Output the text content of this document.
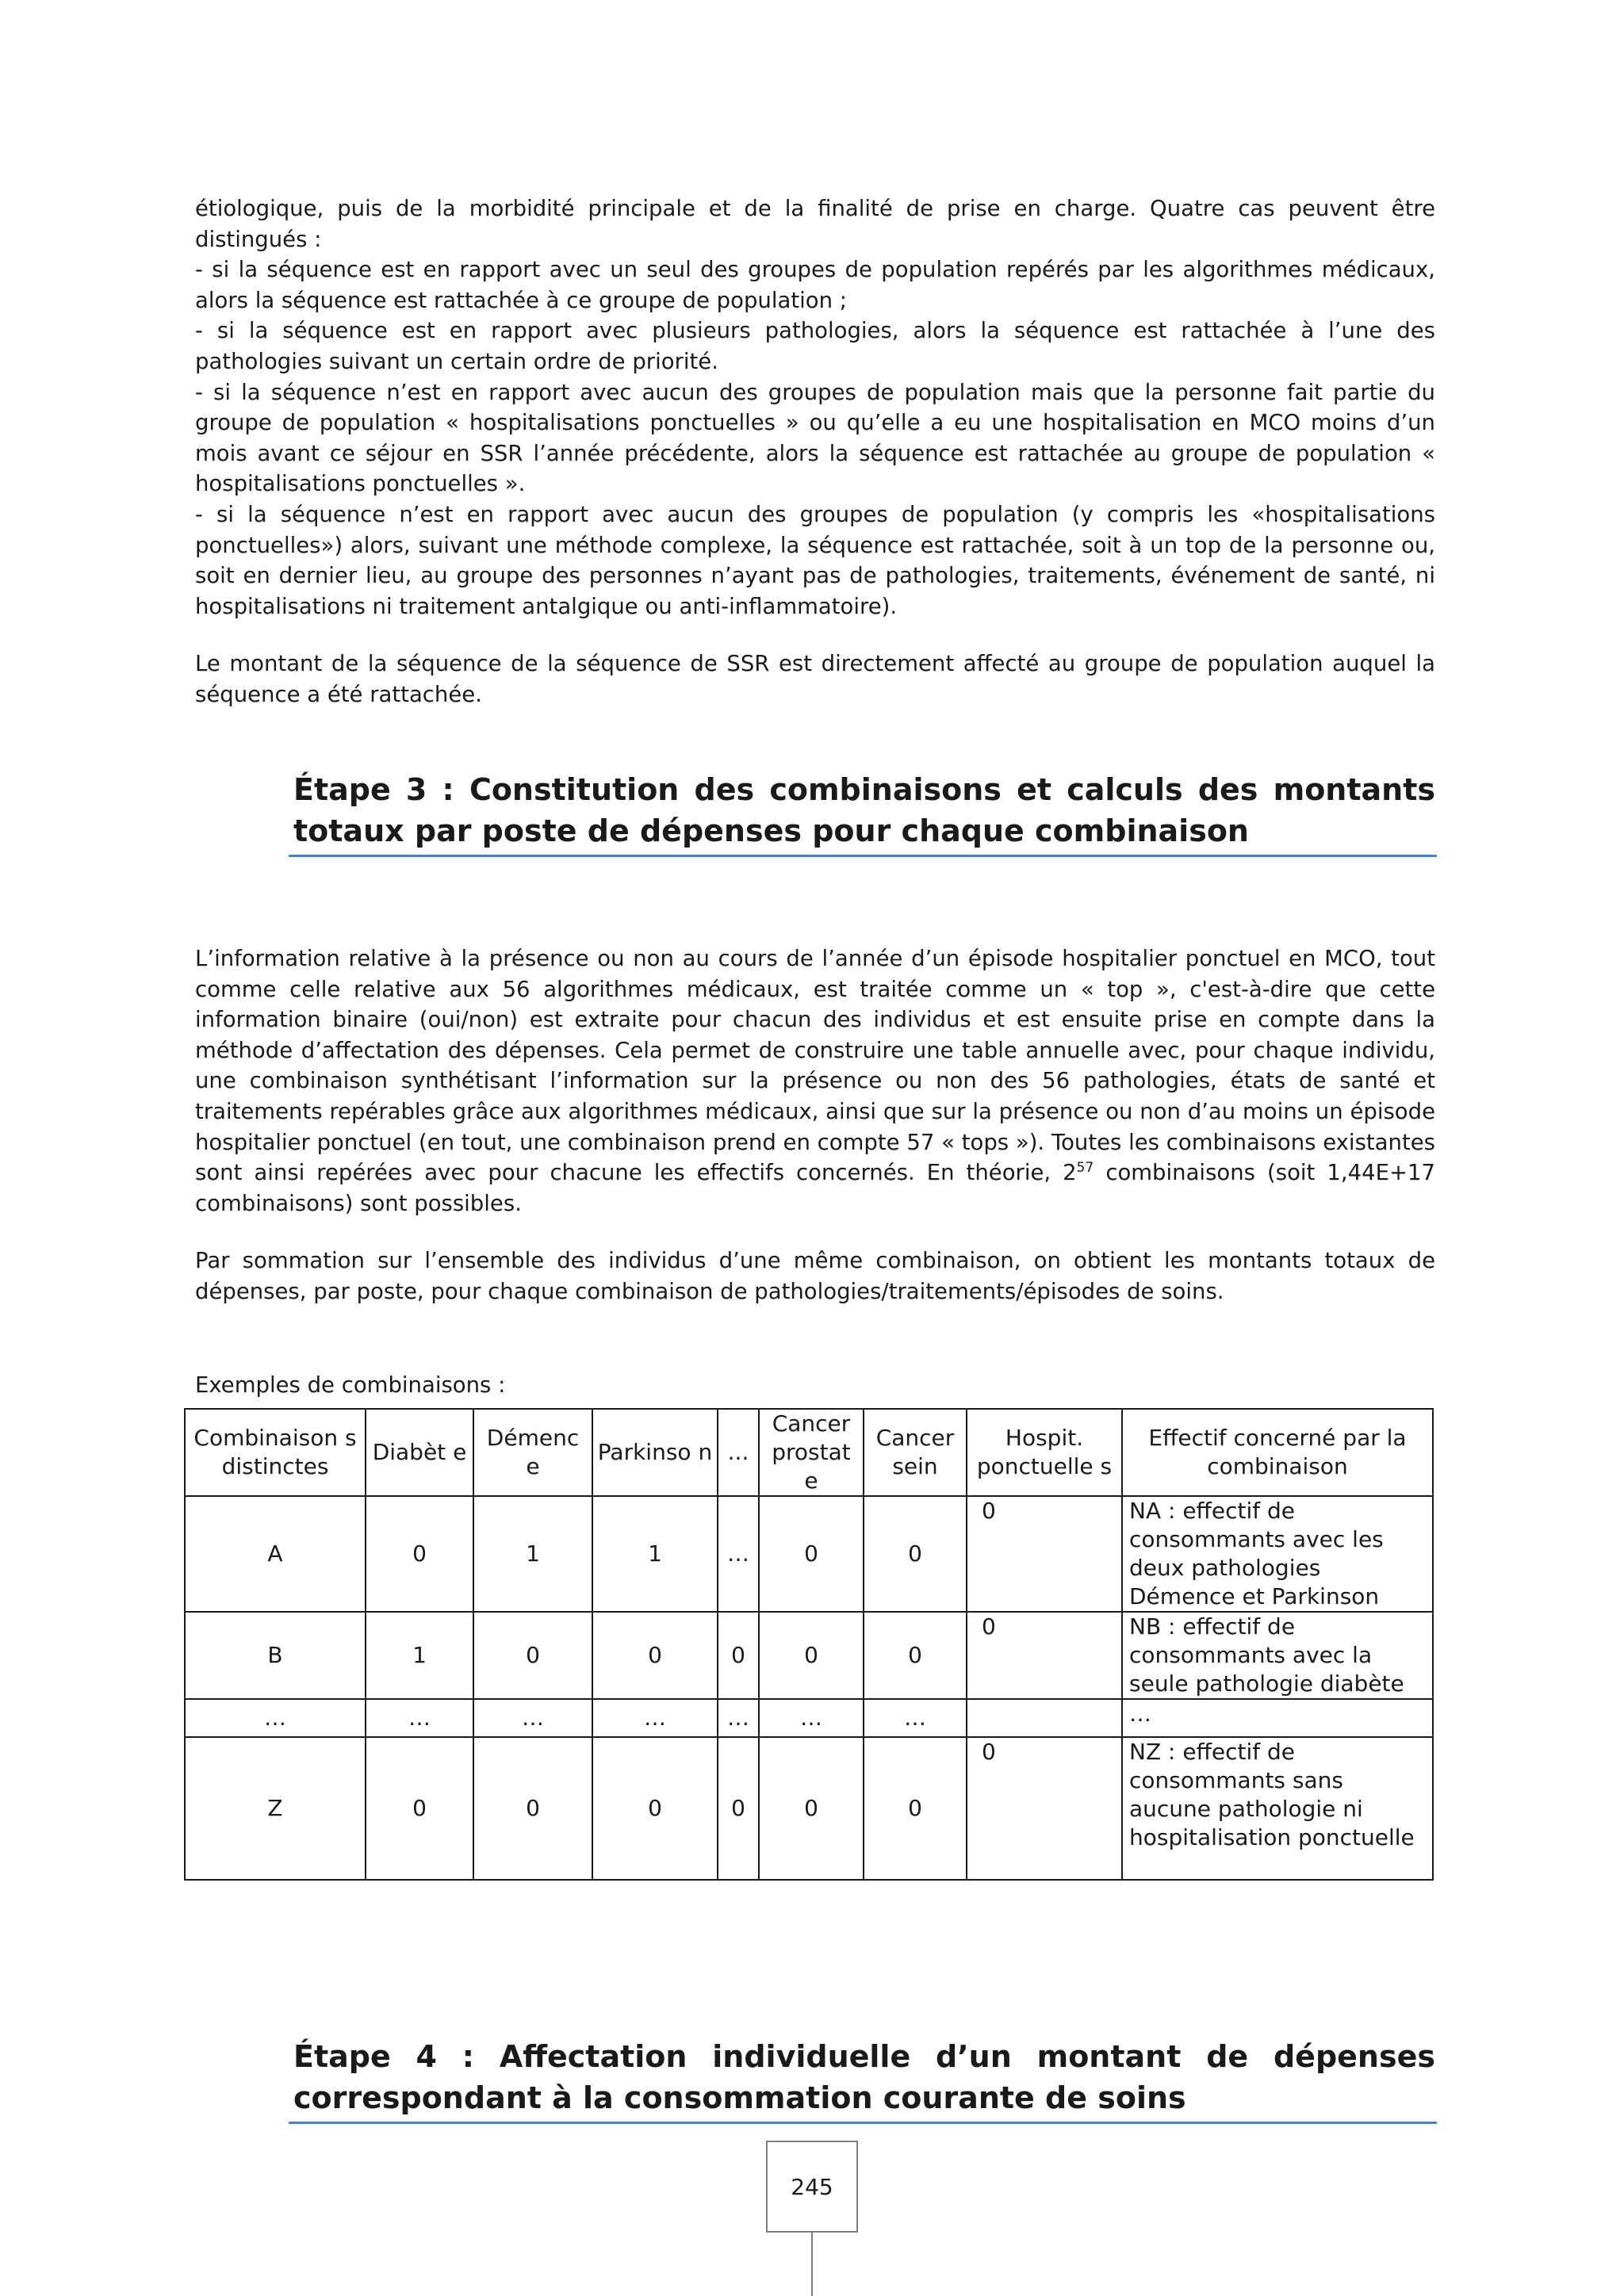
étiologique, puis de la morbidité principale et de la finalité de prise en charge. Quatre cas peuvent être distingués :

- si la séquence est en rapport avec un seul des groupes de population repérés par les algorithmes médicaux, alors la séquence est rattachée à ce groupe de population ;

- si la séquence est en rapport avec plusieurs pathologies, alors la séquence est rattachée à l’une des pathologies suivant un certain ordre de priorité.

- si la séquence n’est en rapport avec aucun des groupes de population mais que la personne fait partie du groupe de population « hospitalisations ponctuelles » ou qu’elle a eu une hospitalisation en MCO moins d’un mois avant ce séjour en SSR l’année précédente, alors la séquence est rattachée au groupe de population « hospitalisations ponctuelles ».

- si la séquence n’est en rapport avec aucun des groupes de population (y compris les «hospitalisations ponctuelles») alors, suivant une méthode complexe, la séquence est rattachée, soit à un top de la personne ou, soit en dernier lieu, au groupe des personnes n’ayant pas de pathologies, traitements, événement de santé, ni hospitalisations ni traitement antalgique ou anti-inflammatoire).

Le montant de la séquence de la séquence de SSR est directement affecté au groupe de population auquel la séquence a été rattachée.

Étape 3 : Constitution des combinaisons et calculs des montants totaux par poste de dépenses pour chaque combinaison

L’information relative à la présence ou non au cours de l’année d’un épisode hospitalier ponctuel en MCO, tout comme celle relative aux 56 algorithmes médicaux, est traitée comme un « top », c'est-à-dire que cette information binaire (oui/non) est extraite pour chacun des individus et est ensuite prise en compte dans la méthode d’affectation des dépenses. Cela permet de construire une table annuelle avec, pour chaque individu, une combinaison synthétisant l’information sur la présence ou non des 56 pathologies, états de santé et traitements repérables grâce aux algorithmes médicaux, ainsi que sur la présence ou non d’au moins un épisode hospitalier ponctuel (en tout, une combinaison prend en compte 57 « tops »). Toutes les combinaisons existantes sont ainsi repérées avec pour chacune les effectifs concernés. En théorie, $2^{57}$ combinaisons (soit 1,44E+17 combinaisons) sont possibles.

Par sommation sur l’ensemble des individus d’une même combinaison, on obtient les montants totaux de dépenses, par poste, pour chaque combinaison de pathologies/traitements/épisodes de soins.

Exemples de combinaisons :
Combinaison s distinctes	Diabèt e	Démenc e	Parkinso n	...	Cancer prostat e	Cancer sein	Hospit. ponctuelle s	Effectif concerné par la combinaison
A	0	1	1	…	0	0	0	NA : effectif de consommants avec les deux pathologies Démence et Parkinson
B	1	0	0	0	0	0	0	NB : effectif de consommants avec la seule pathologie diabète
…	…	…	…	…	…	…		…
Z	0	0	0	0	0	0	0	NZ : effectif de consommants sans aucune pathologie ni hospitalisation ponctuelle
Étape 4 : Affectation individuelle d’un montant de dépenses correspondant à la consommation courante de soins
245
